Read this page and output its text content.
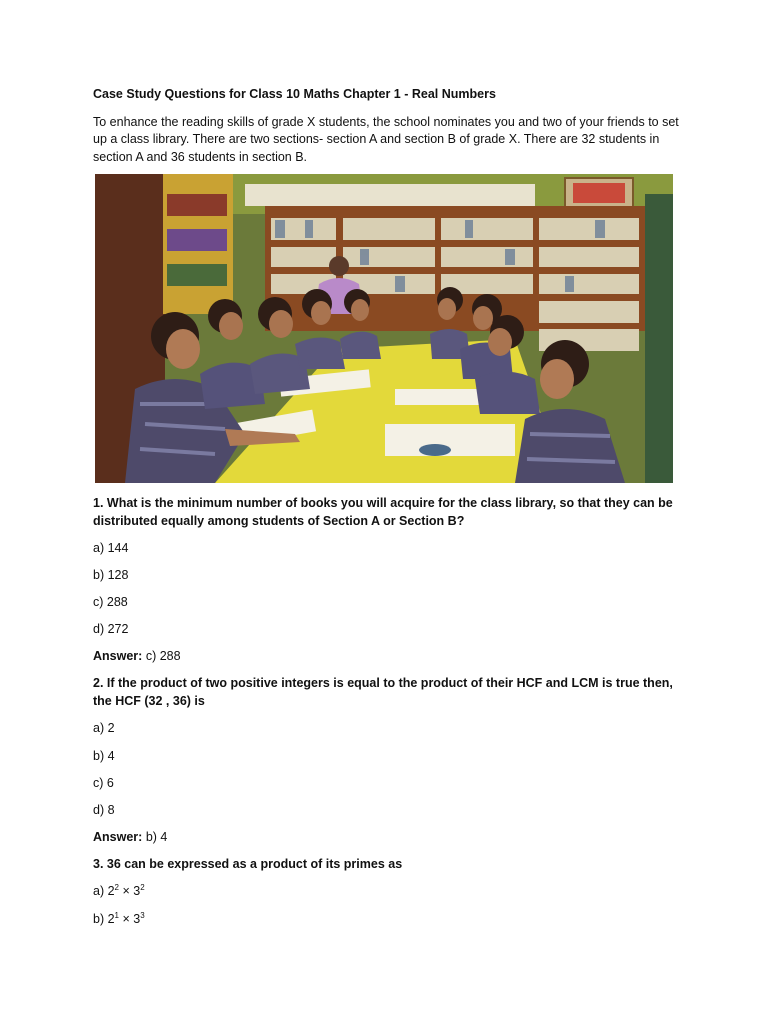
Case Study Questions for Class 10 Maths Chapter 1 - Real Numbers

To enhance the reading skills of grade X students, the school nominates you and two of your friends to set up a class library. There are two sections- section A and section B of grade X. There are 32 students in section A and 36 students in section B.

1. What is the minimum number of books you will acquire for the class library, so that they can be distributed equally among students of Section A or Section B?

a) 144

b) 128

c) 288

d) 272

Answer: c) 288

2. If the product of two positive integers is equal to the product of their HCF and LCM is true then, the HCF (32 , 36) is

a) 2

b) 4

c) 6

d) 8

Answer: b) 4

3. 36 can be expressed as a product of its primes as

a) $2^2 \times 3^2$

b) $2^1 \times 3^3$
